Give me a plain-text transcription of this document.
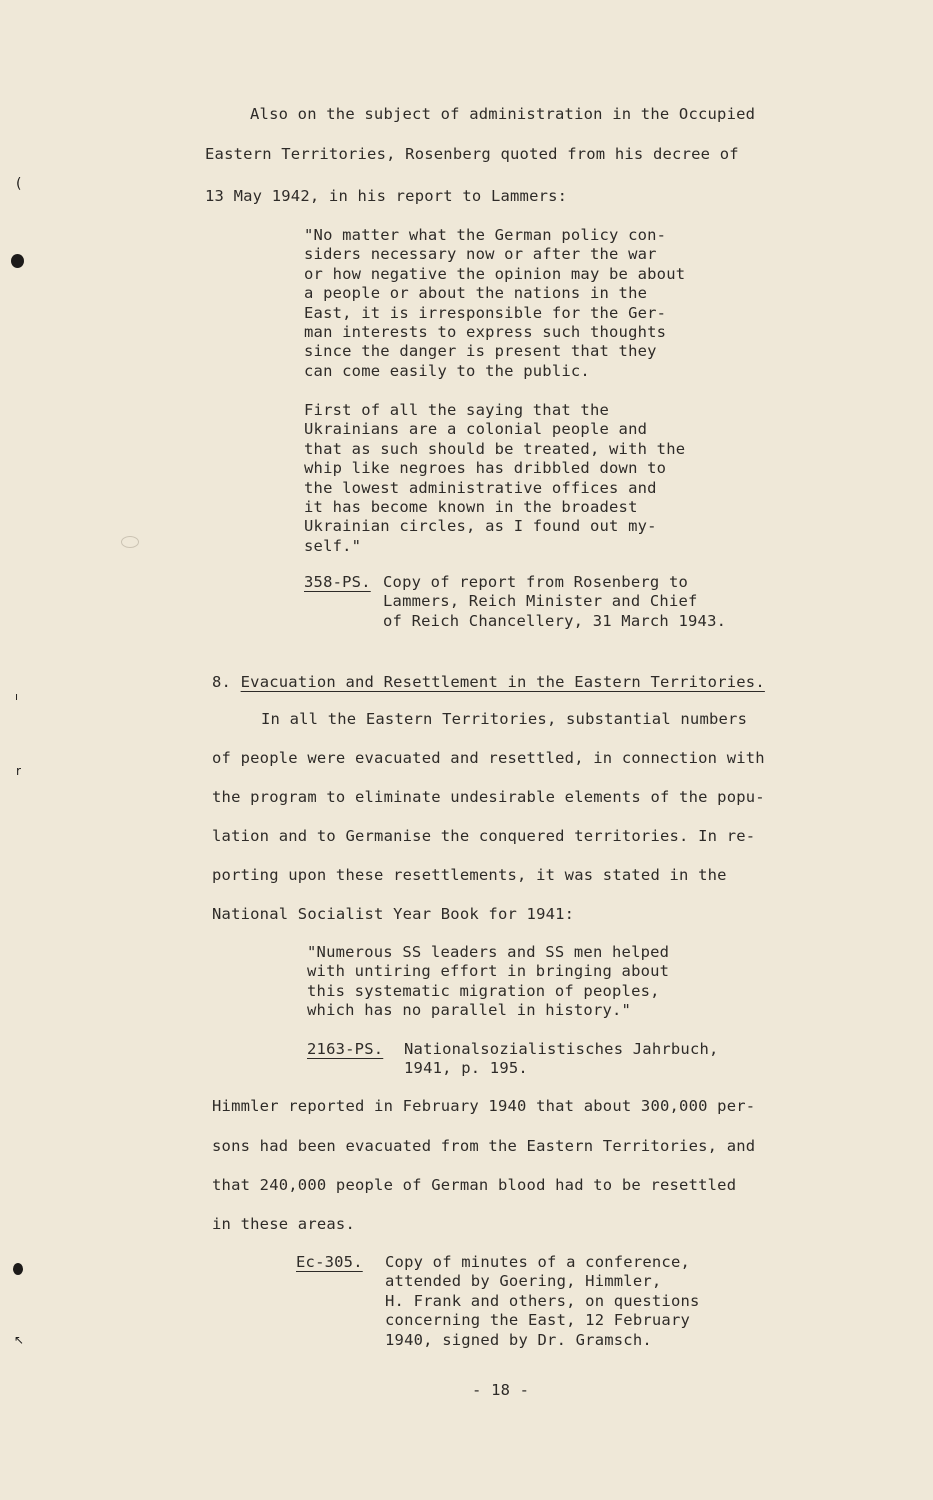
(
ı
r
↖
Also on the subject of administration in the Occupied
Eastern Territories, Rosenberg quoted from his decree of
13 May 1942, in his report to Lammers:
"No matter what the German policy con-
siders necessary now or after the war
or how negative the opinion may be about
a people or about the nations in the
East, it is irresponsible for the Ger-
man interests to express such thoughts
since the danger is present that they
can come easily to the public.
First of all the saying that the
Ukrainians are a colonial people and
that as such should be treated, with the
whip like negroes has dribbled down to
the lowest administrative offices and
it has become known in the broadest
Ukrainian circles, as I found out my-
self."
358-PS. Copy of report from Rosenberg to
Lammers, Reich Minister and Chief
of Reich Chancellery, 31 March 1943.
8. Evacuation and Resettlement in the Eastern Territories.
In all the Eastern Territories, substantial numbers
of people were evacuated and resettled, in connection with
the program to eliminate undesirable elements of the popu-
lation and to Germanise the conquered territories. In re-
porting upon these resettlements, it was stated in the
National Socialist Year Book for 1941:
"Numerous SS leaders and SS men helped
with untiring effort in bringing about
this systematic migration of peoples,
which has no parallel in history."
2163-PS. Nationalsozialistisches Jahrbuch,
1941, p. 195.
Himmler reported in February 1940 that about 300,000 per-
sons had been evacuated from the Eastern Territories, and
that 240,000 people of German blood had to be resettled
in these areas.
Ec-305. Copy of minutes of a conference,
attended by Goering, Himmler,
H. Frank and others, on questions
concerning the East, 12 February
1940, signed by Dr. Gramsch.
- 18 -
